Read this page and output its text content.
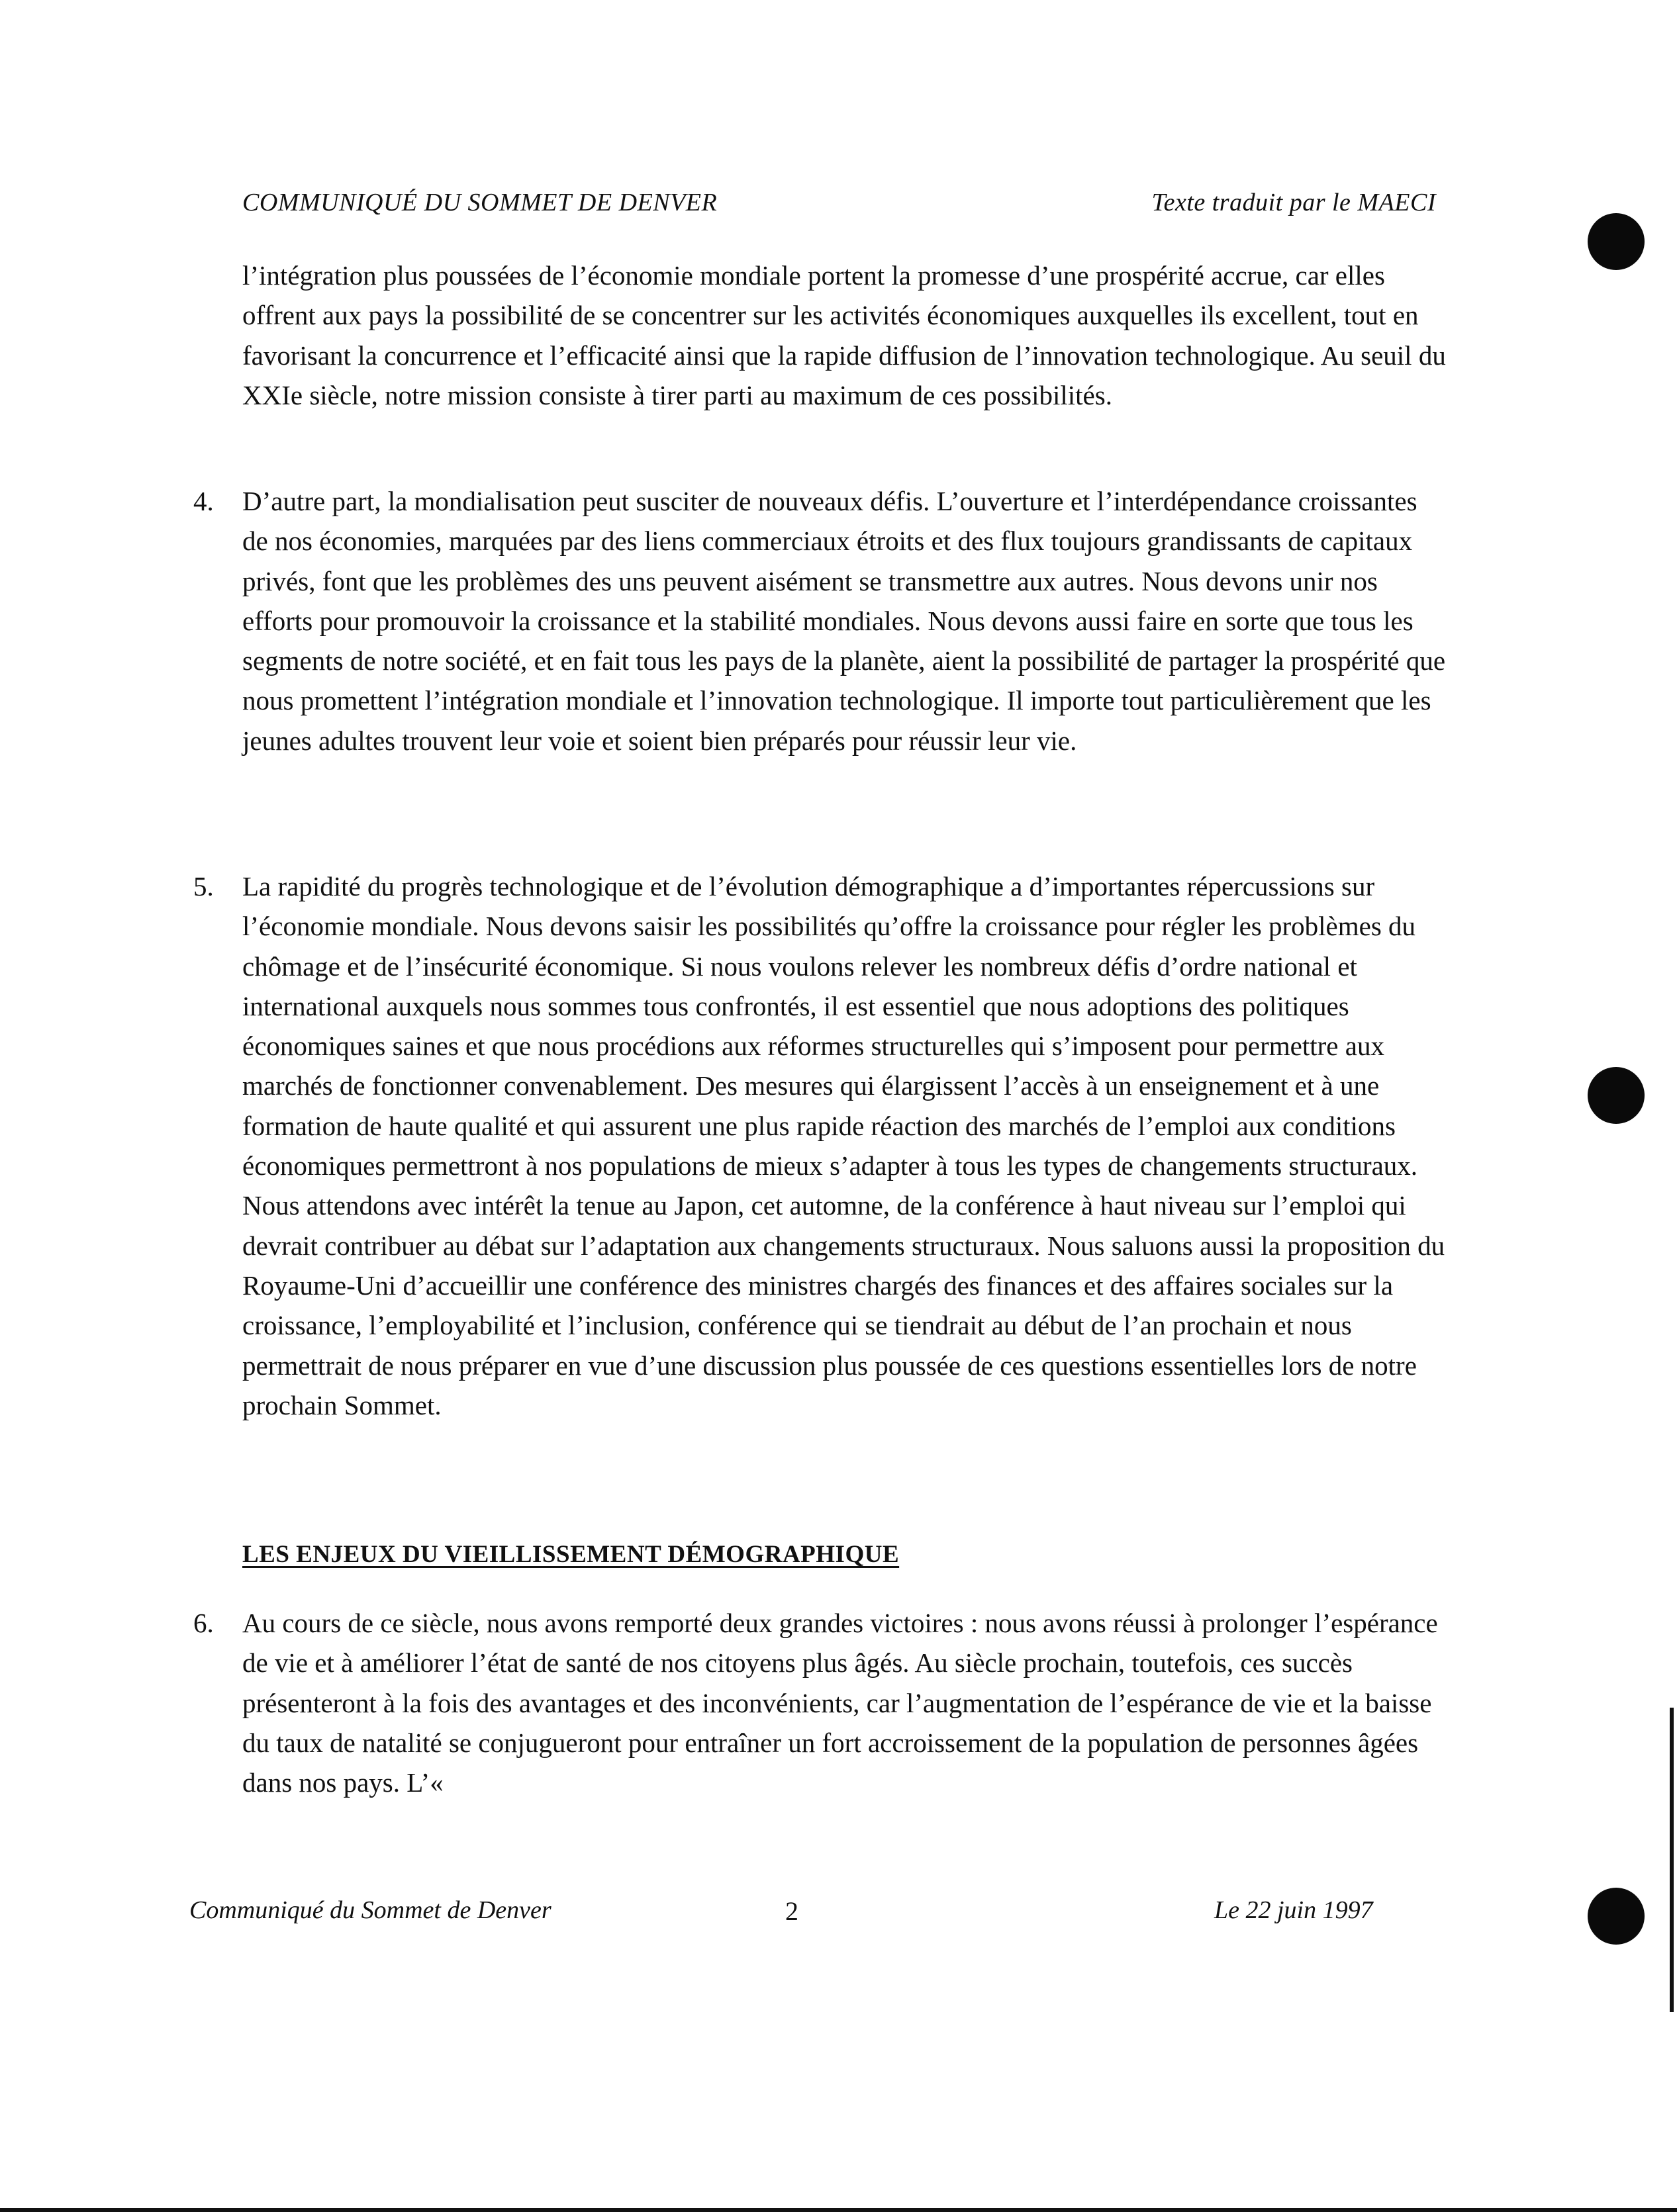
COMMUNIQUÉ DU SOMMET DE DENVER	Texte traduit par le MAECI
l’intégration plus poussées de l’économie mondiale portent la promesse d’une prospérité accrue, car elles offrent aux pays la possibilité de se concentrer sur les activités économiques auxquelles ils excellent, tout en favorisant la concurrence et l’efficacité ainsi que la rapide diffusion de l’innovation technologique. Au seuil du XXIe siècle, notre mission consiste à tirer parti au maximum de ces possibilités.
4. D’autre part, la mondialisation peut susciter de nouveaux défis. L’ouverture et l’interdépendance croissantes de nos économies, marquées par des liens commerciaux étroits et des flux toujours grandissants de capitaux privés, font que les problèmes des uns peuvent aisément se transmettre aux autres. Nous devons unir nos efforts pour promouvoir la croissance et la stabilité mondiales. Nous devons aussi faire en sorte que tous les segments de notre société, et en fait tous les pays de la planète, aient la possibilité de partager la prospérité que nous promettent l’intégration mondiale et l’innovation technologique. Il importe tout particulièrement que les jeunes adultes trouvent leur voie et soient bien préparés pour réussir leur vie.
5. La rapidité du progrès technologique et de l’évolution démographique a d’importantes répercussions sur l’économie mondiale. Nous devons saisir les possibilités qu’offre la croissance pour régler les problèmes du chômage et de l’insécurité économique. Si nous voulons relever les nombreux défis d’ordre national et international auxquels nous sommes tous confrontés, il est essentiel que nous adoptions des politiques économiques saines et que nous procédions aux réformes structurelles qui s’imposent pour permettre aux marchés de fonctionner convenablement. Des mesures qui élargissent l’accès à un enseignement et à une formation de haute qualité et qui assurent une plus rapide réaction des marchés de l’emploi aux conditions économiques permettront à nos populations de mieux s’adapter à tous les types de changements structuraux. Nous attendons avec intérêt la tenue au Japon, cet automne, de la conférence à haut niveau sur l’emploi qui devrait contribuer au débat sur l’adaptation aux changements structuraux. Nous saluons aussi la proposition du Royaume-Uni d’accueillir une conférence des ministres chargés des finances et des affaires sociales sur la croissance, l’employabilité et l’inclusion, conférence qui se tiendrait au début de l’an prochain et nous permettrait de nous préparer en vue d’une discussion plus poussée de ces questions essentielles lors de notre prochain Sommet.
LES ENJEUX DU VIEILLISSEMENT DÉMOGRAPHIQUE
6. Au cours de ce siècle, nous avons remporté deux grandes victoires : nous avons réussi à prolonger l’espérance de vie et à améliorer l’état de santé de nos citoyens plus âgés. Au siècle prochain, toutefois, ces succès présenteront à la fois des avantages et des inconvénients, car l’augmentation de l’espérance de vie et la baisse du taux de natalité se conjugueront pour entraîner un fort accroissement de la population de personnes âgées dans nos pays. L’«
Communiqué du Sommet de Denver	2	Le 22 juin 1997
